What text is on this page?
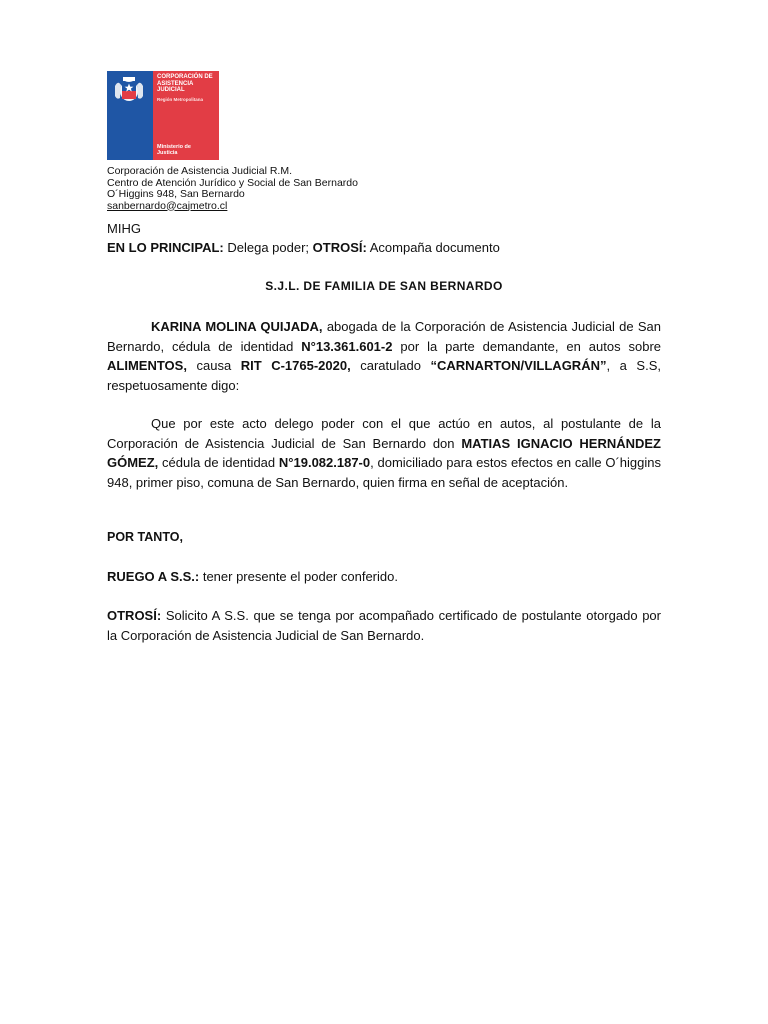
CORPORACIÓN DE
ASISTENCIA
JUDICIAL
Región Metropolitana
Ministerio de
Justicia
Corporación de Asistencia Judicial R.M.
Centro de Atención Jurídico y Social de San Bernardo
O´Higgins 948, San Bernardo
sanbernardo@cajmetro.cl
MIHG
EN LO PRINCIPAL: Delega poder; OTROSÍ: Acompaña documento
S.J.L. DE FAMILIA DE SAN BERNARDO
KARINA MOLINA QUIJADA, abogada de la Corporación de Asistencia Judicial de San Bernardo, cédula de identidad N°13.361.601-2 por la parte demandante, en autos sobre ALIMENTOS, causa RIT C-1765-2020, caratulado “CARNARTON/VILLAGRÁN”, a S.S, respetuosamente digo:
Que por este acto delego poder con el que actúo en autos, al postulante de la Corporación de Asistencia Judicial de San Bernardo don MATIAS IGNACIO HERNÁNDEZ GÓMEZ, cédula de identidad N°19.082.187-0, domiciliado para estos efectos en calle O´higgins 948, primer piso, comuna de San Bernardo, quien firma en señal de aceptación.
POR TANTO,
RUEGO A S.S.: tener presente el poder conferido.
OTROSÍ: Solicito A S.S. que se tenga por acompañado certificado de postulante otorgado por la Corporación de Asistencia Judicial de San Bernardo.
